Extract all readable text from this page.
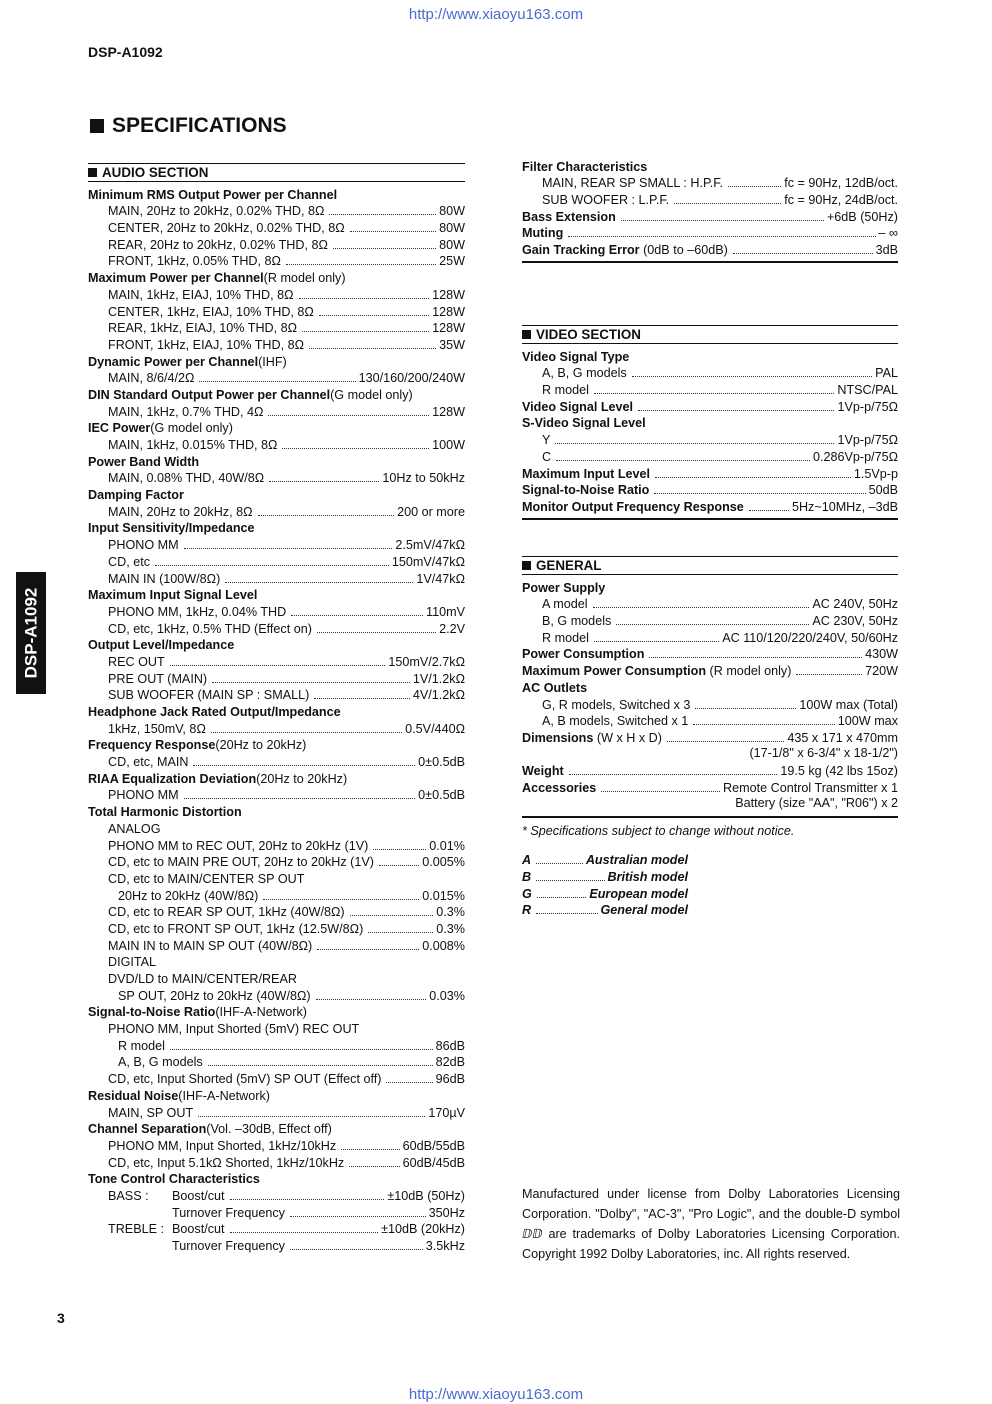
http://www.xiaoyu163.com
http://www.xiaoyu163.com
DSP-A1092
DSP-A1092
3
SPECIFICATIONS
AUDIO SECTION
Minimum RMS Output Power per Channel
MAIN, 20Hz to 20kHz, 0.02% THD, 8Ω	80W
CENTER, 20Hz to 20kHz, 0.02% THD, 8Ω	80W
REAR, 20Hz to 20kHz, 0.02% THD, 8Ω	80W
FRONT, 1kHz, 0.05% THD, 8Ω	25W
Maximum Power per Channel (R model only)
MAIN, 1kHz, EIAJ, 10% THD, 8Ω	128W
CENTER, 1kHz, EIAJ, 10% THD, 8Ω	128W
REAR, 1kHz, EIAJ, 10% THD, 8Ω	128W
FRONT, 1kHz, EIAJ, 10% THD, 8Ω	35W
Dynamic Power per Channel (IHF)
MAIN, 8/6/4/2Ω	130/160/200/240W
DIN Standard Output Power per Channel (G model only)
MAIN, 1kHz, 0.7% THD, 4Ω	128W
IEC Power (G model only)
MAIN, 1kHz, 0.015% THD, 8Ω	100W
Power Band Width
MAIN, 0.08% THD, 40W/8Ω	10Hz to 50kHz
Damping Factor
MAIN, 20Hz to 20kHz, 8Ω	200 or more
Input Sensitivity/Impedance
PHONO MM	2.5mV/47kΩ
CD, etc	150mV/47kΩ
MAIN IN (100W/8Ω)	1V/47kΩ
Maximum Input Signal Level
PHONO MM, 1kHz, 0.04% THD	110mV
CD, etc, 1kHz, 0.5% THD (Effect on)	2.2V
Output Level/Impedance
REC OUT	150mV/2.7kΩ
PRE OUT (MAIN)	1V/1.2kΩ
SUB WOOFER (MAIN SP : SMALL)	4V/1.2kΩ
Headphone Jack Rated Output/Impedance
1kHz, 150mV, 8Ω	0.5V/440Ω
Frequency Response (20Hz to 20kHz)
CD, etc, MAIN	0±0.5dB
RIAA Equalization Deviation (20Hz to 20kHz)
PHONO MM	0±0.5dB
Total Harmonic Distortion
ANALOG
PHONO MM to REC OUT, 20Hz to 20kHz (1V)	0.01%
CD, etc to MAIN PRE OUT, 20Hz to 20kHz (1V)	0.005%
CD, etc to MAIN/CENTER SP OUT
20Hz to 20kHz (40W/8Ω)	0.015%
CD, etc to REAR SP OUT, 1kHz (40W/8Ω)	0.3%
CD, etc to FRONT SP OUT, 1kHz (12.5W/8Ω)	0.3%
MAIN IN to MAIN SP OUT (40W/8Ω)	0.008%
DIGITAL
DVD/LD to MAIN/CENTER/REAR
SP OUT, 20Hz to 20kHz (40W/8Ω)	0.03%
Signal-to-Noise Ratio (IHF-A-Network)
PHONO MM, Input Shorted (5mV) REC OUT
R model	86dB
A, B, G models	82dB
CD, etc, Input Shorted (5mV) SP OUT (Effect off)	96dB
Residual Noise (IHF-A-Network)
MAIN, SP OUT	170µV
Channel Separation (Vol. –30dB, Effect off)
PHONO MM, Input Shorted, 1kHz/10kHz	60dB/55dB
CD, etc, Input 5.1kΩ Shorted, 1kHz/10kHz	60dB/45dB
Tone Control Characteristics
BASS :	Boost/cut	±10dB (50Hz)
Turnover Frequency	350Hz
TREBLE : Boost/cut	±10dB (20kHz)
Turnover Frequency	3.5kHz
Filter Characteristics
MAIN, REAR SP SMALL : H.P.F.	fc = 90Hz, 12dB/oct.
SUB WOOFER : L.P.F.	fc = 90Hz, 24dB/oct.
Bass Extension	+6dB (50Hz)
Muting	– ∞
Gain Tracking Error (0dB to –60dB)	3dB
VIDEO SECTION
Video Signal Type
A, B, G models	PAL
R model	NTSC/PAL
Video Signal Level	1Vp-p/75Ω
S-Video Signal Level
Y	1Vp-p/75Ω
C	0.286Vp-p/75Ω
Maximum Input Level	1.5Vp-p
Signal-to-Noise Ratio	50dB
Monitor Output Frequency Response	5Hz~10MHz, –3dB
GENERAL
Power Supply
A model	AC 240V, 50Hz
B, G models	AC 230V, 50Hz
R model	AC 110/120/220/240V, 50/60Hz
Power Consumption	430W
Maximum Power Consumption (R model only)	720W
AC Outlets
G, R models, Switched x 3	100W max (Total)
A, B models, Switched x 1	100W max
Dimensions (W x H x D)	435 x 171 x 470mm
(17-1/8" x 6-3/4" x 18-1/2")
Weight	19.5 kg (42 lbs 15oz)
Accessories	Remote Control Transmitter x 1
Battery (size "AA", "R06") x 2
* Specifications subject to change without notice.
A	Australian model
B	British model
G	European model
R	General model
Manufactured under license from Dolby Laboratories Licensing Corporation. "Dolby", "AC-3", "Pro Logic", and the double-D symbol ⅅⅅ are trademarks of Dolby Laboratories Licensing Corporation. Copyright 1992 Dolby Laboratories, inc. All rights reserved.
